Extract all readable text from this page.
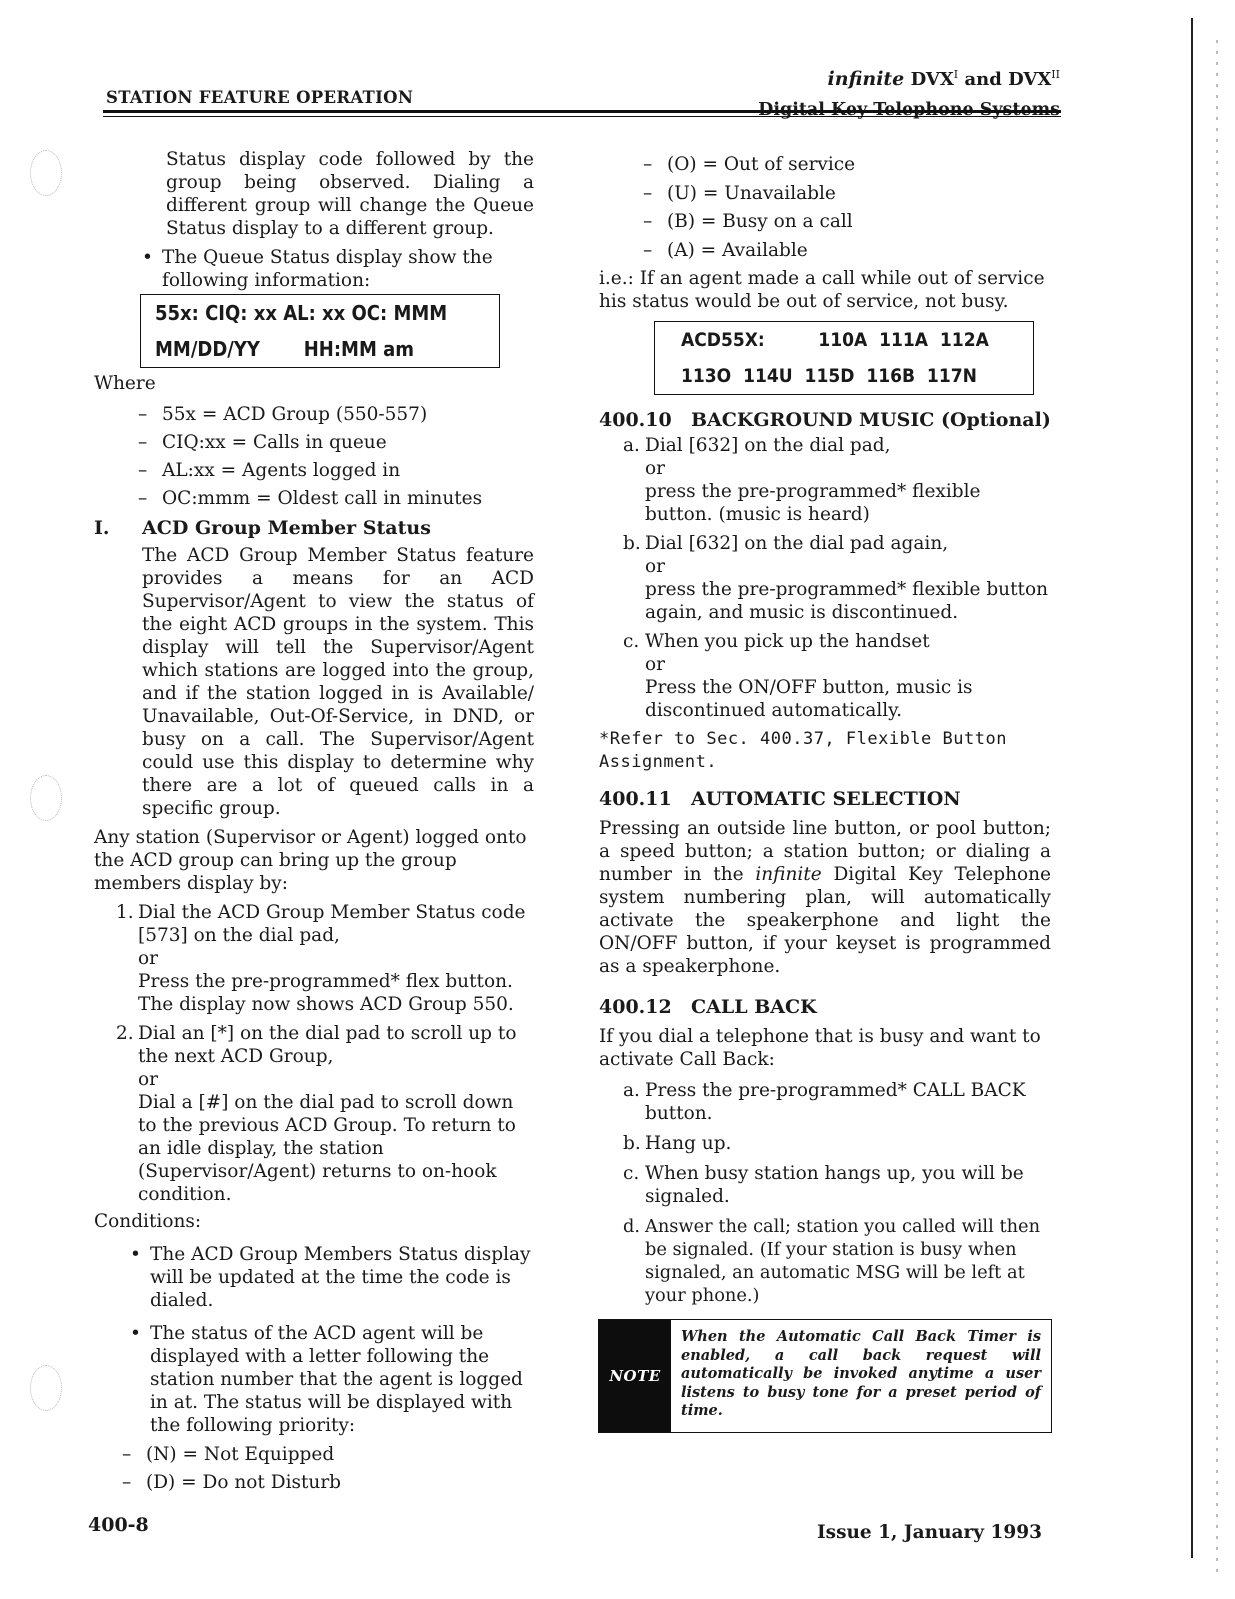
STATION FEATURE OPERATION
infinite $DVX^I$ and $DVX^{II}$

Status display code followed by the group being observed. Dialing a different group will change the Queue Status display to a different group.

• The Queue Status display show the following information:
55x: CIQ: xx AL: xx OC: MMM
MM/DD/YY       HH:MM am

Where

– 55x = ACD Group (550-557)
– CIQ:xx = Calls in queue
– AL:xx = Agents logged in
– OC:mmm = Oldest call in minutes
I.	ACD Group Member Status

The ACD Group Member Status feature provides a means for an ACD Supervisor/Agent to view the status of the eight ACD groups in the system. This display will tell the Supervisor/Agent which stations are logged into the group, and if the station logged in is Available/ Unavailable, Out-Of-Service, in DND, or busy on a call. The Supervisor/Agent could use this display to determine why there are a lot of queued calls in a specific group.

Any station (Supervisor or Agent) logged onto the ACD group can bring up the group members display by:

1. Dial the ACD Group Member Status code [573] on the dial pad,

or

Press the pre-programmed* flex button. The display now shows ACD Group 550.

2. Dial an [*] on the dial pad to scroll up to the next ACD Group,

or

Dial a [#] on the dial pad to scroll down to the previous ACD Group. To return to an idle display, the station (Supervisor/Agent) returns to on-hook condition.

Conditions:

• The ACD Group Members Status display will be updated at the time the code is dialed.
• The status of the ACD agent will be displayed with a letter following the station number that the agent is logged in at. The status will be displayed with the following priority:
– (N) = Not Equipped
– (D) = Do not Disturb
– (O) = Out of service
– (U) = Unavailable
– (B) = Busy on a call
– (A) = Available

i.e.: If an agent made a call while out of service his status would be out of service, not busy.

ACD55X:         110A  111A  112A
113O  114U  115D  116B  117N
400.10	BACKGROUND MUSIC (Optional)
a. Dial [632] on the dial pad,

or

press the pre-programmed* flexible button. (music is heard)

b. Dial [632] on the dial pad again,

or

press the pre-programmed* flexible button again, and music is discontinued.

c. When you pick up the handset

or

Press the ON/OFF button, music is discontinued automatically.

*Refer to Sec. 400.37, Flexible Button Assignment.

400.11	AUTOMATIC SELECTION

Pressing an outside line button, or pool button; a speed button; a station button; or dialing a number in the infinite Digital Key Telephone system numbering plan, will automatically activate the speakerphone and light the ON/OFF button, if your keyset is programmed as a speakerphone.

400.12	CALL BACK

If you dial a telephone that is busy and want to activate Call Back:

a. Press the pre-programmed* CALL BACK button.
b. Hang up.
c. When busy station hangs up, you will be signaled.
d. Answer the call; station you called will then be signaled. (If your station is busy when signaled, an automatic MSG will be left at your phone.)
NOTE
When the Automatic Call Back Timer is enabled, a call back request will automatically be invoked anytime a user listens to busy tone for a preset period of time.
400-8	Issue 1, January 1993
